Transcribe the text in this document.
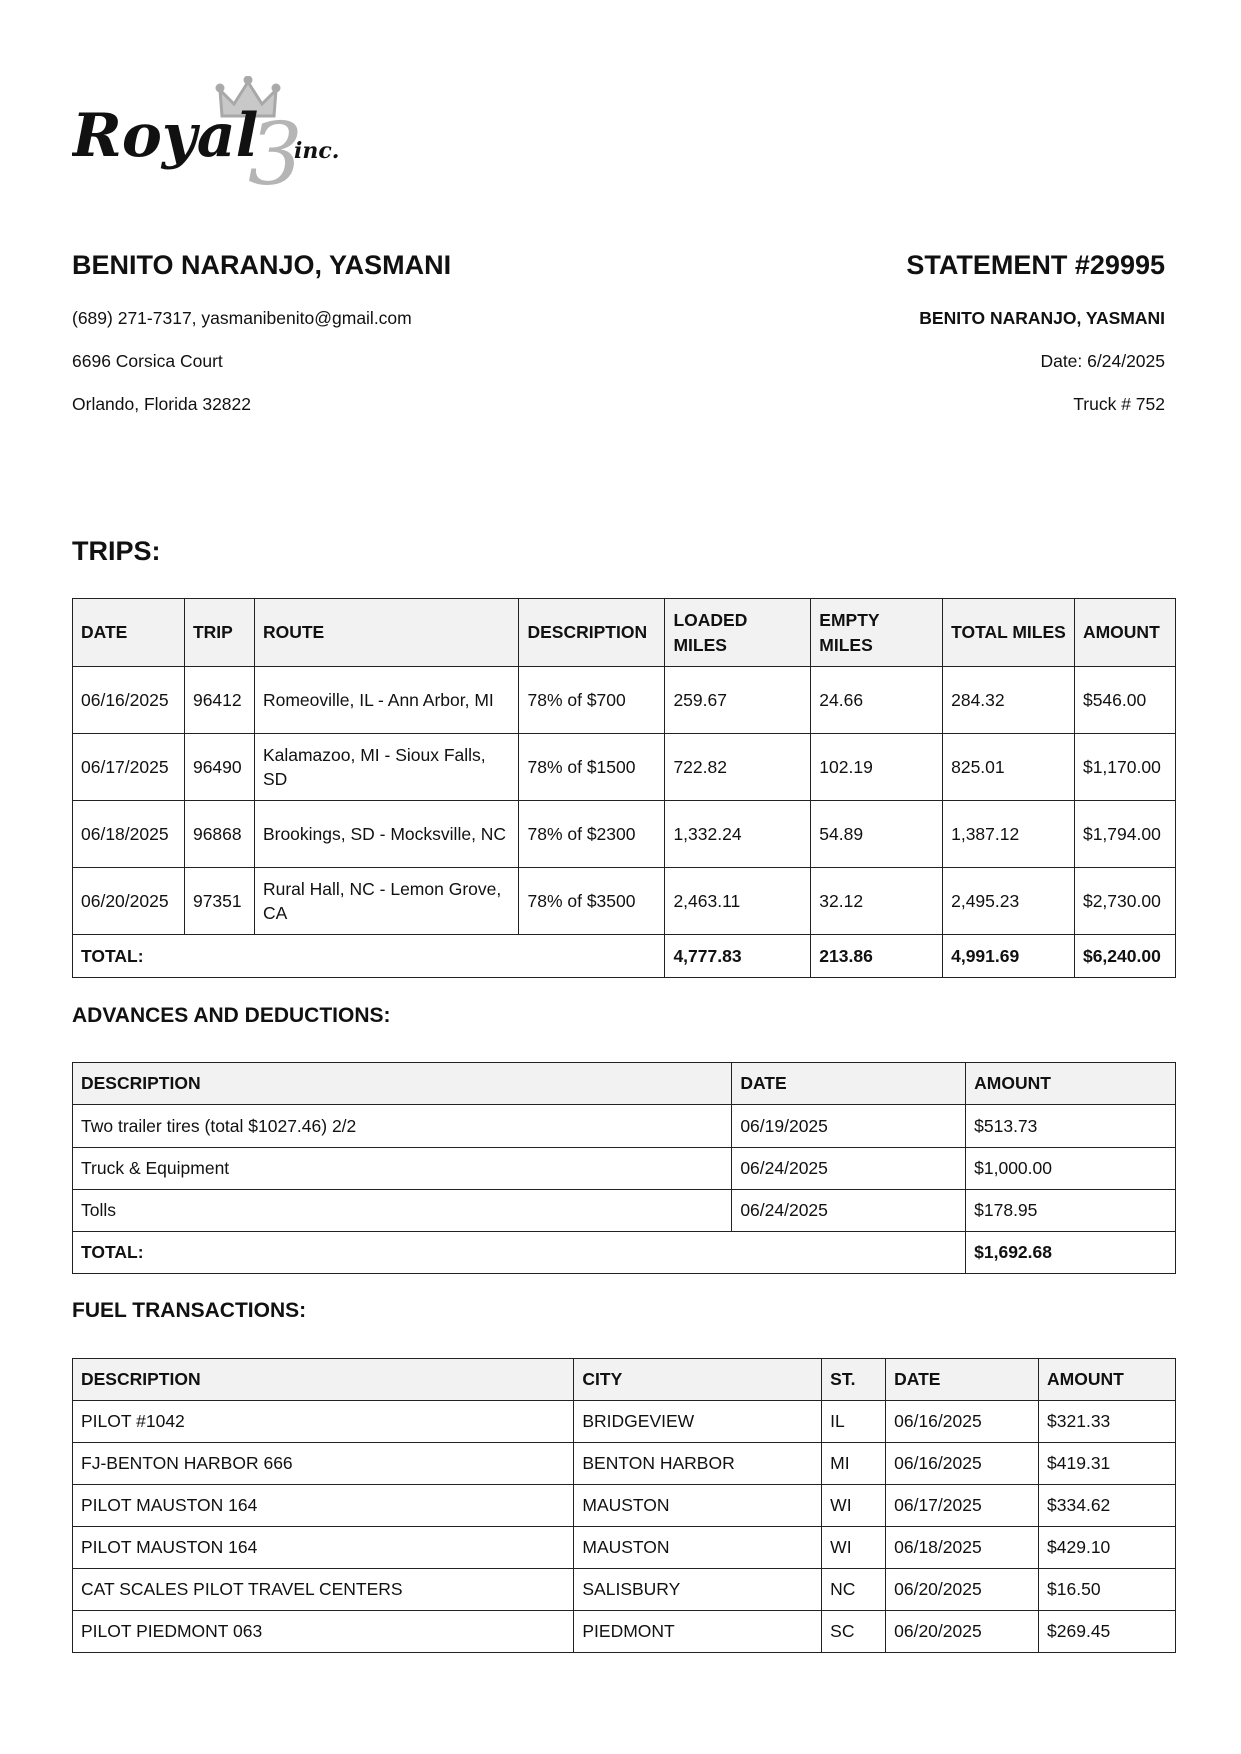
3
Royal inc.
BENITO NARANJO, YASMANI
(689) 271-7317, yasmanibenito@gmail.com
6696 Corsica Court
Orlando, Florida 32822
STATEMENT #29995
BENITO NARANJO, YASMANI
Date: 6/24/2025
Truck # 752
TRIPS:
DATE	TRIP	ROUTE	DESCRIPTION	LOADED MILES	EMPTY MILES	TOTAL MILES	AMOUNT
06/16/2025	96412	Romeoville, IL - Ann Arbor, MI	78% of $700	259.67	24.66	284.32	$546.00
06/17/2025	96490	Kalamazoo, MI - Sioux Falls, SD	78% of $1500	722.82	102.19	825.01	$1,170.00
06/18/2025	96868	Brookings, SD - Mocksville, NC	78% of $2300	1,332.24	54.89	1,387.12	$1,794.00
06/20/2025	97351	Rural Hall, NC - Lemon Grove, CA	78% of $3500	2,463.11	32.12	2,495.23	$2,730.00
TOTAL:				4,777.83	213.86	4,991.69	$6,240.00
ADVANCES AND DEDUCTIONS:
DESCRIPTION	DATE	AMOUNT
Two trailer tires (total $1027.46) 2/2	06/19/2025	$513.73
Truck & Equipment	06/24/2025	$1,000.00
Tolls	06/24/2025	$178.95
TOTAL:		$1,692.68
FUEL TRANSACTIONS:
DESCRIPTION	CITY	ST.	DATE	AMOUNT
PILOT #1042	BRIDGEVIEW	IL	06/16/2025	$321.33
FJ-BENTON HARBOR 666	BENTON HARBOR	MI	06/16/2025	$419.31
PILOT MAUSTON 164	MAUSTON	WI	06/17/2025	$334.62
PILOT MAUSTON 164	MAUSTON	WI	06/18/2025	$429.10
CAT SCALES PILOT TRAVEL CENTERS	SALISBURY	NC	06/20/2025	$16.50
PILOT PIEDMONT 063	PIEDMONT	SC	06/20/2025	$269.45
